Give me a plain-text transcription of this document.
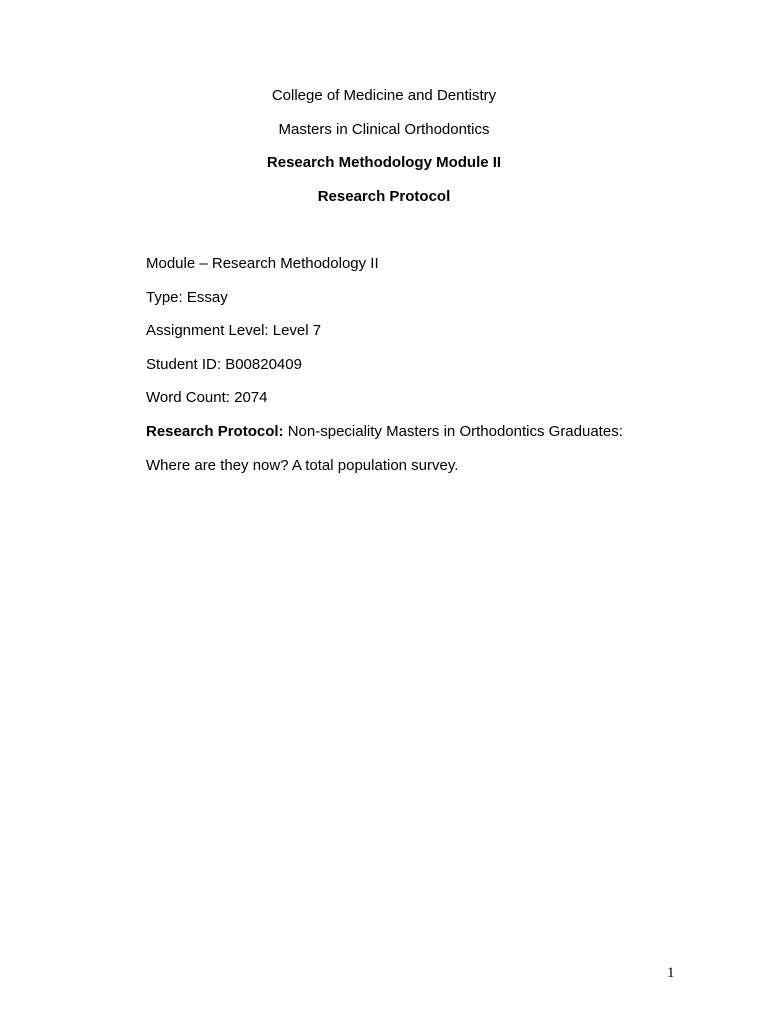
College of Medicine and Dentistry

Masters in Clinical Orthodontics

Research Methodology Module II

Research Protocol

Module – Research Methodology II

Type: Essay

Assignment Level: Level 7

Student ID: B00820409

Word Count: 2074

Research Protocol: Non-speciality Masters in Orthodontics Graduates:

Where are they now? A total population survey.

1
